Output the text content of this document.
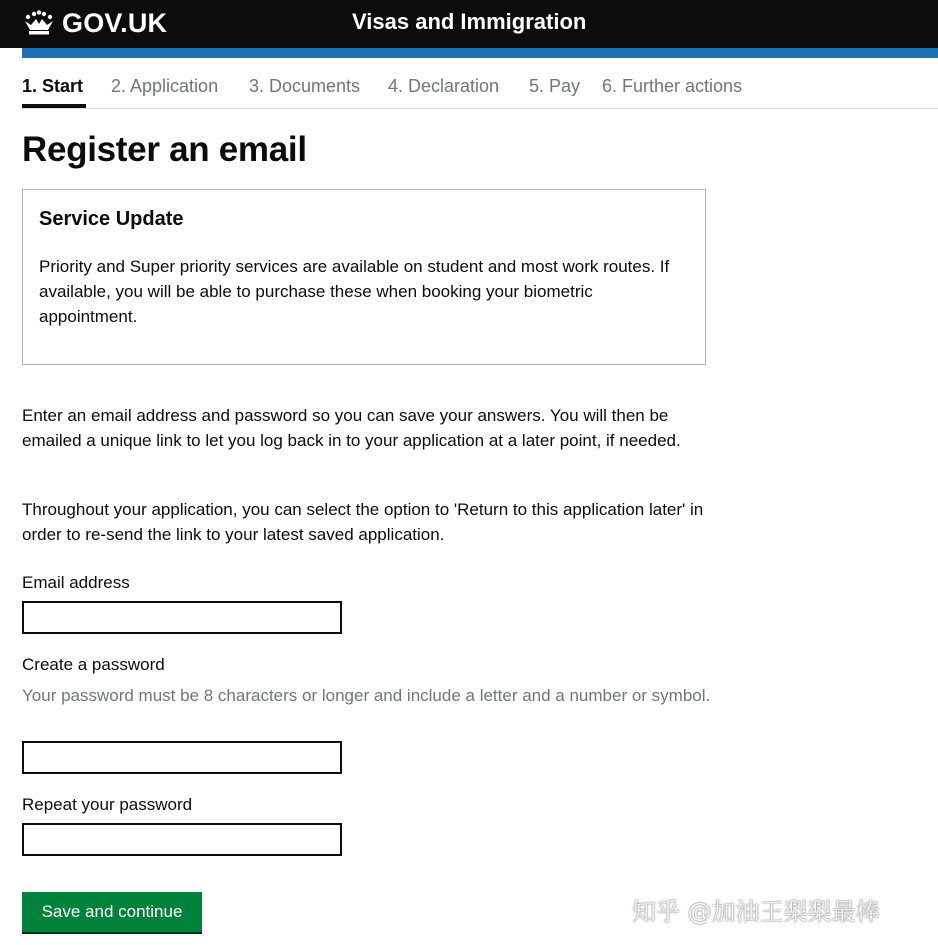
GOV.UK	Visas and Immigration
1. Start 2. Application 3. Documents 4. Declaration 5. Pay 6. Further actions
Register an email
Service Update

Priority and Super priority services are available on student and most work routes. If available, you will be able to purchase these when booking your biometric appointment.

Enter an email address and password so you can save your answers. You will then be emailed a unique link to let you log back in to your application at a later point, if needed.

Throughout your application, you can select the option to 'Return to this application later' in order to re-send the link to your latest saved application.

Email address
Create a password

Your password must be 8 characters or longer and include a letter and a number or symbol.

Repeat your password
Save and continue	知乎 @加油王梨梨最棒
